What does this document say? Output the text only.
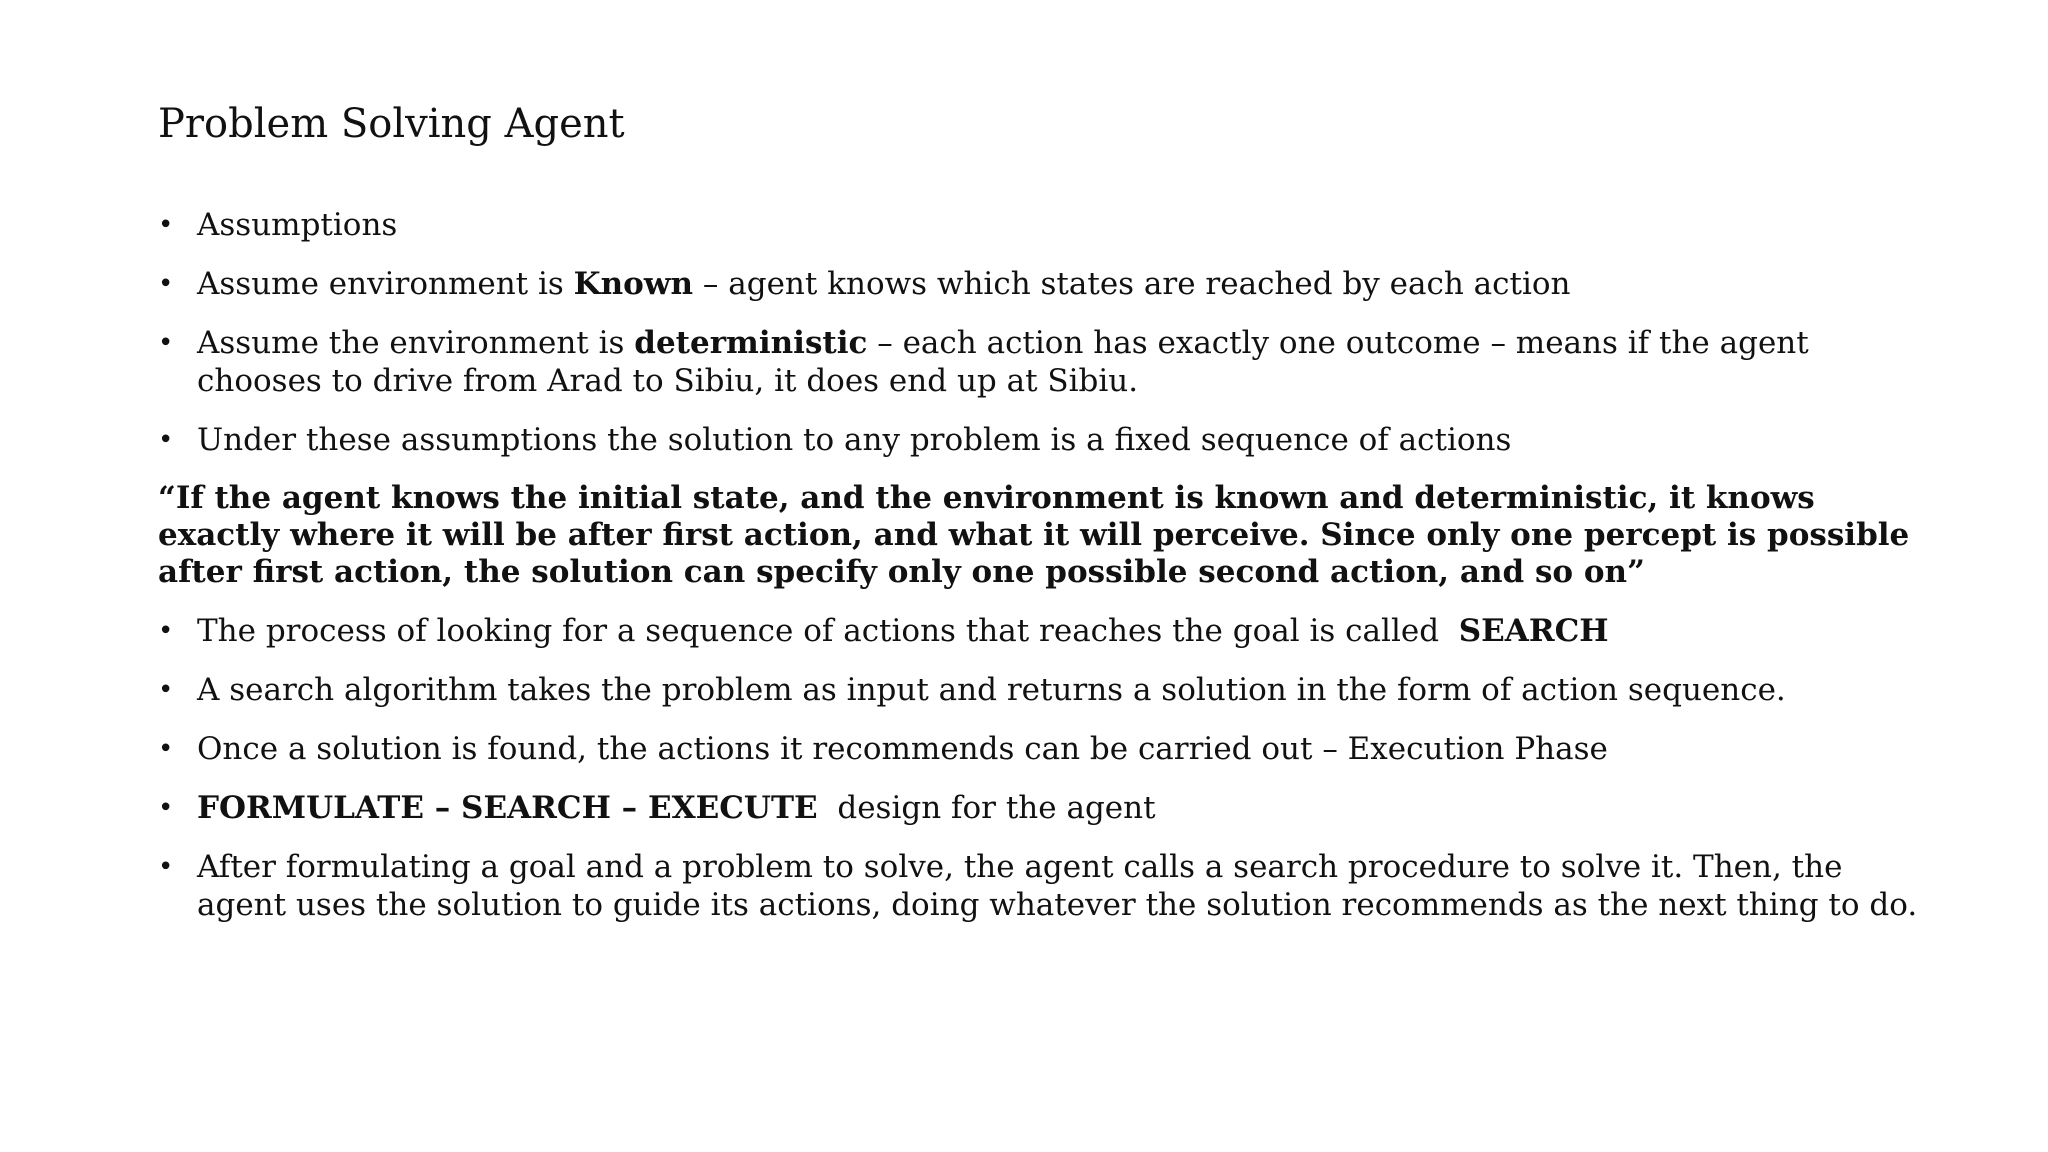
Problem Solving Agent
• Assumptions
• Assume environment is Known – agent knows which states are reached by each action
• Assume the environment is deterministic – each action has exactly one outcome – means if the agent chooses to drive from Arad to Sibiu, it does end up at Sibiu.
• Under these assumptions the solution to any problem is a fixed sequence of actions
“If the agent knows the initial state, and the environment is known and deterministic, it knows exactly where it will be after first action, and what it will perceive. Since only one percept is possible after first action, the solution can specify only one possible second action, and so on”
• The process of looking for a sequence of actions that reaches the goal is called  SEARCH
• A search algorithm takes the problem as input and returns a solution in the form of action sequence.
• Once a solution is found, the actions it recommends can be carried out – Execution Phase
• FORMULATE – SEARCH – EXECUTE  design for the agent
• After formulating a goal and a problem to solve, the agent calls a search procedure to solve it. Then, the agent uses the solution to guide its actions, doing whatever the solution recommends as the next thing to do.
